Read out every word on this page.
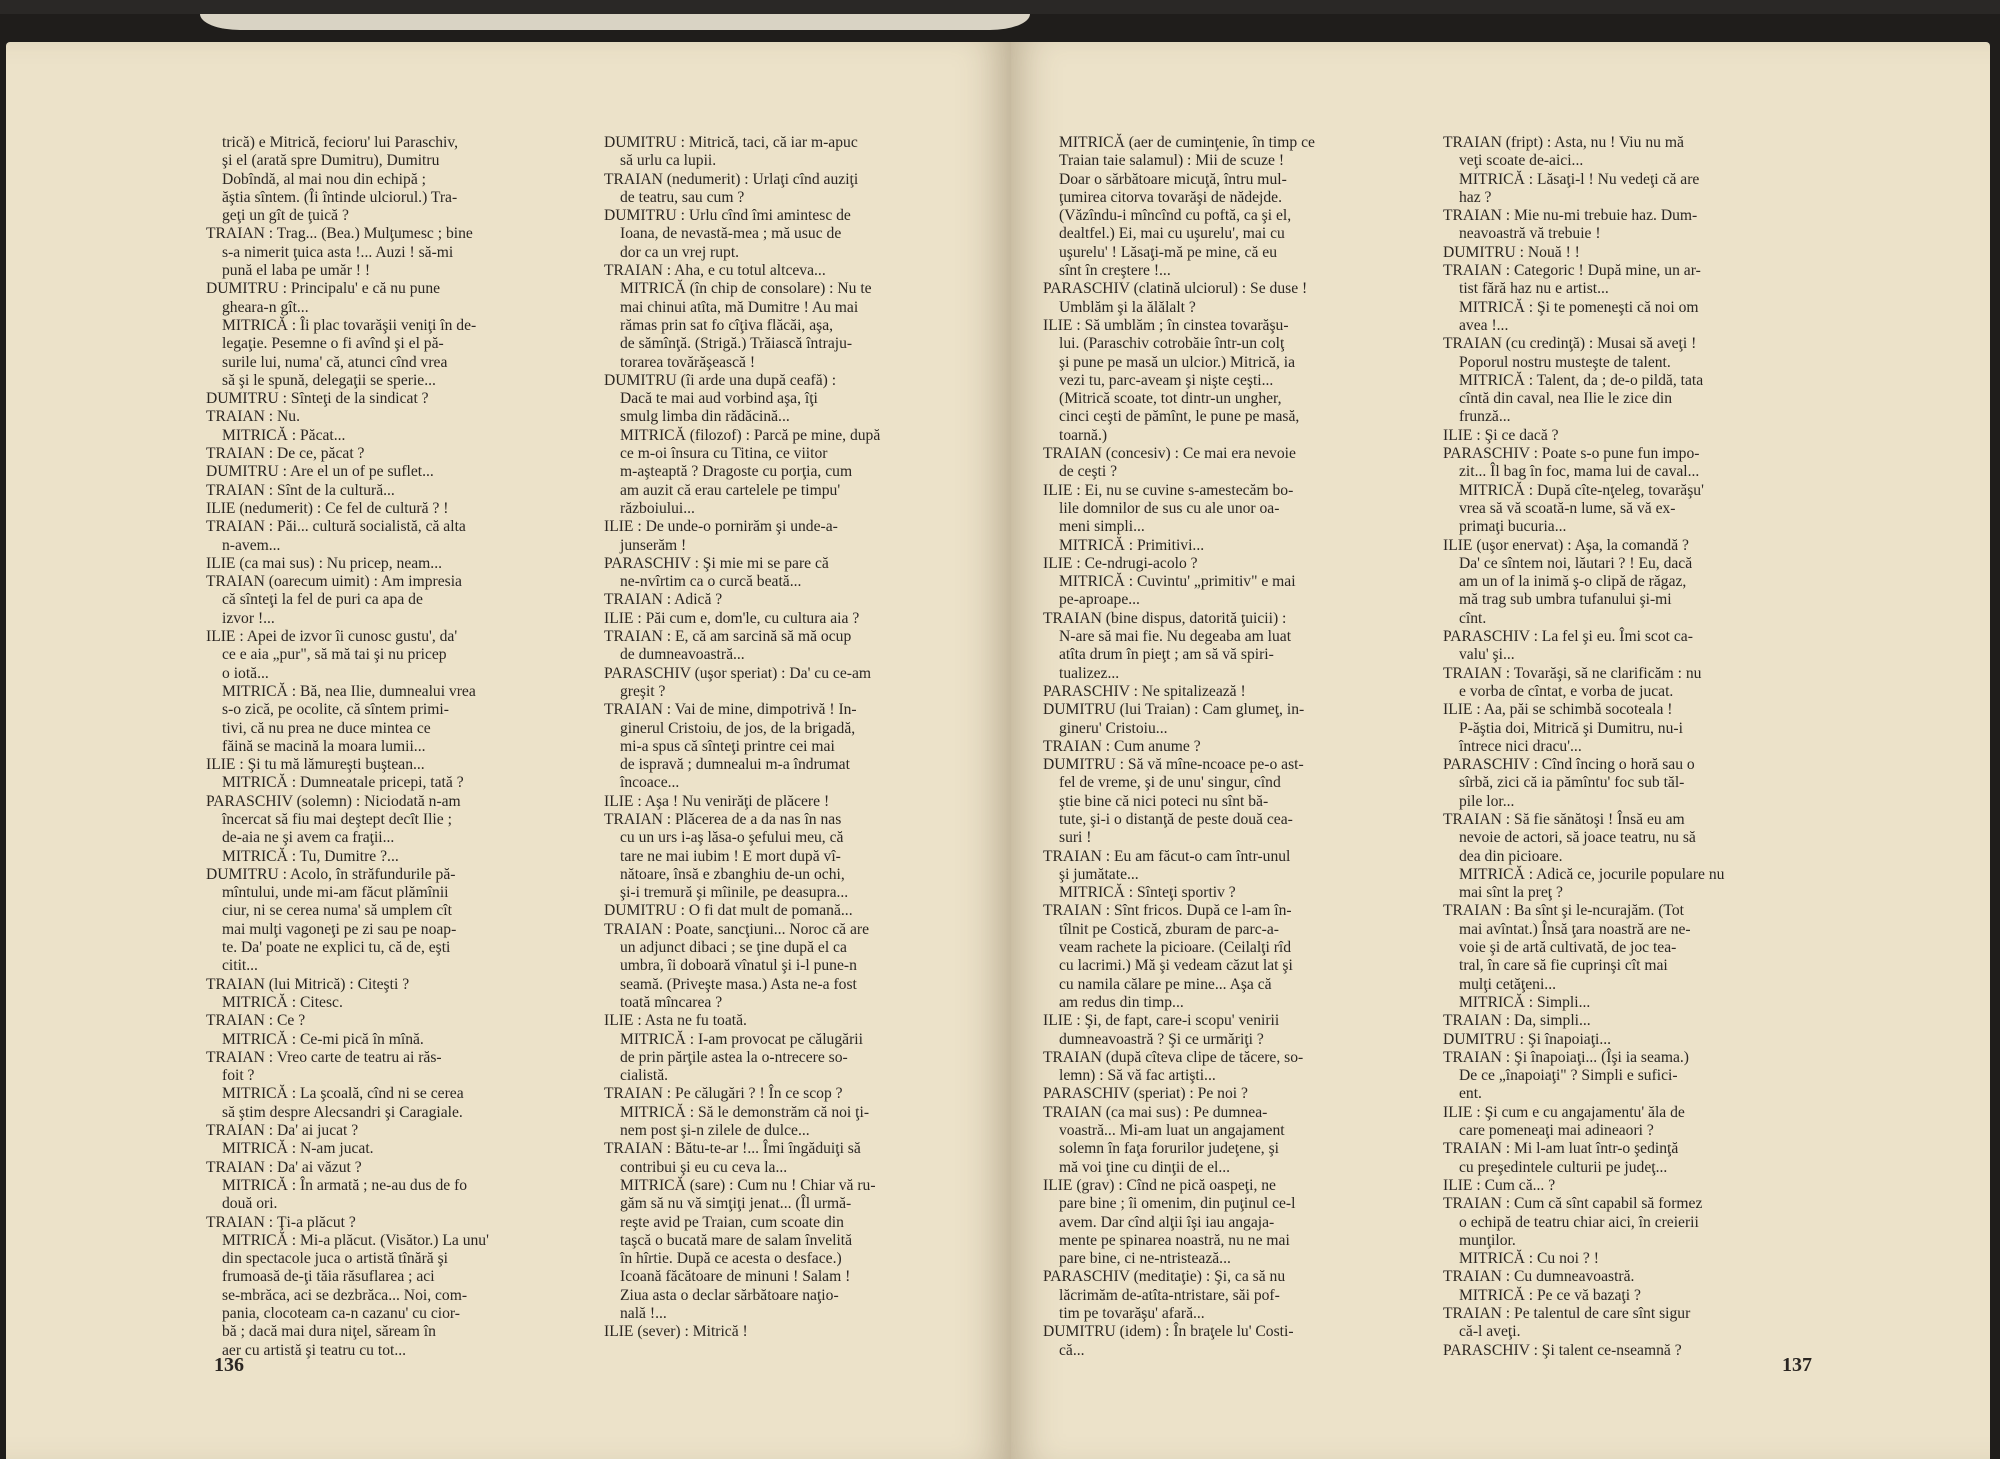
trică) e Mitrică, fecioru' lui Paraschiv,
şi el (arată spre Dumitru), Dumitru
Dobîndă, al mai nou din echipă ;
ăştia sîntem. (Îi întinde ulciorul.) Tra-
geţi un gît de ţuică ?
TRAIAN : Trag... (Bea.) Mulţumesc ; bine
s-a nimerit ţuica asta !... Auzi ! să-mi
pună el laba pe umăr ! !
DUMITRU : Principalu' e că nu pune
gheara-n gît...
MITRICĂ : Îi plac tovarăşii veniţi în de-
legaţie. Pesemne o fi avînd şi el pă-
surile lui, numa' că, atunci cînd vrea
să şi le spună, delegaţii se sperie...
DUMITRU : Sînteţi de la sindicat ?
TRAIAN : Nu.
MITRICĂ : Păcat...
TRAIAN : De ce, păcat ?
DUMITRU : Are el un of pe suflet...
TRAIAN : Sînt de la cultură...
ILIE (nedumerit) : Ce fel de cultură ? !
TRAIAN : Păi... cultură socialistă, că alta
n-avem...
ILIE (ca mai sus) : Nu pricep, neam...
TRAIAN (oarecum uimit) : Am impresia
că sînteţi la fel de puri ca apa de
izvor !...
ILIE : Apei de izvor îi cunosc gustu', da'
ce e aia „pur", să mă tai şi nu pricep
o iotă...
MITRICĂ : Bă, nea Ilie, dumnealui vrea
s-o zică, pe ocolite, că sîntem primi-
tivi, că nu prea ne duce mintea ce
făină se macină la moara lumii...
ILIE : Şi tu mă lămureşti buştean...
MITRICĂ : Dumneatale pricepi, tată ?
PARASCHIV (solemn) : Niciodată n-am
încercat să fiu mai deştept decît Ilie ;
de-aia ne şi avem ca fraţii...
MITRICĂ : Tu, Dumitre ?...
DUMITRU : Acolo, în străfundurile pă-
mîntului, unde mi-am făcut plămînii
ciur, ni se cerea numa' să umplem cît
mai mulţi vagoneţi pe zi sau pe noap-
te. Da' poate ne explici tu, că de, eşti
citit...
TRAIAN (lui Mitrică) : Citeşti ?
MITRICĂ : Citesc.
TRAIAN : Ce ?
MITRICĂ : Ce-mi pică în mînă.
TRAIAN : Vreo carte de teatru ai răs-
foit ?
MITRICĂ : La şcoală, cînd ni se cerea
să ştim despre Alecsandri şi Caragiale.
TRAIAN : Da' ai jucat ?
MITRICĂ : N-am jucat.
TRAIAN : Da' ai văzut ?
MITRICĂ : În armată ; ne-au dus de fo
două ori.
TRAIAN : Ţi-a plăcut ?
MITRICĂ : Mi-a plăcut. (Visător.) La unu'
din spectacole juca o artistă tînără şi
frumoasă de-ţi tăia răsuflarea ; aci
se-mbrăca, aci se dezbrăca... Noi, com-
pania, clocoteam ca-n cazanu' cu cior-
bă ; dacă mai dura niţel, săream în
aer cu artistă şi teatru cu tot...
DUMITRU : Mitrică, taci, că iar m-apuc
să urlu ca lupii.
TRAIAN (nedumerit) : Urlaţi cînd auziţi
de teatru, sau cum ?
DUMITRU : Urlu cînd îmi amintesc de
Ioana, de nevastă-mea ; mă usuc de
dor ca un vrej rupt.
TRAIAN : Aha, e cu totul altceva...
MITRICĂ (în chip de consolare) : Nu te
mai chinui atîta, mă Dumitre ! Au mai
rămas prin sat fo cîţiva flăcăi, aşa,
de sămînţă. (Strigă.) Trăiască întraju-
torarea tovărăşească !
DUMITRU (îi arde una după ceafă) :
Dacă te mai aud vorbind aşa, îţi
smulg limba din rădăcină...
MITRICĂ (filozof) : Parcă pe mine, după
ce m-oi însura cu Titina, ce viitor
m-aşteaptă ? Dragoste cu porţia, cum
am auzit că erau cartelele pe timpu'
războiului...
ILIE : De unde-o pornirăm şi unde-a-
junserăm !
PARASCHIV : Şi mie mi se pare că
ne-nvîrtim ca o curcă beată...
TRAIAN : Adică ?
ILIE : Păi cum e, dom'le, cu cultura aia ?
TRAIAN : E, că am sarcină să mă ocup
de dumneavoastră...
PARASCHIV (uşor speriat) : Da' cu ce-am
greşit ?
TRAIAN : Vai de mine, dimpotrivă ! In-
ginerul Cristoiu, de jos, de la brigadă,
mi-a spus că sînteţi printre cei mai
de ispravă ; dumnealui m-a îndrumat
încoace...
ILIE : Aşa ! Nu venirăţi de plăcere !
TRAIAN : Plăcerea de a da nas în nas
cu un urs i-aş lăsa-o şefului meu, că
tare ne mai iubim ! E mort după vî-
nătoare, însă e zbanghiu de-un ochi,
şi-i tremură şi mîinile, pe deasupra...
DUMITRU : O fi dat mult de pomană...
TRAIAN : Poate, sancţiuni... Noroc că are
un adjunct dibaci ; se ţine după el ca
umbra, îi doboară vînatul şi i-l pune-n
seamă. (Priveşte masa.) Asta ne-a fost
toată mîncarea ?
ILIE : Asta ne fu toată.
MITRICĂ : I-am provocat pe călugării
de prin părţile astea la o-ntrecere so-
cialistă.
TRAIAN : Pe călugări ? ! În ce scop ?
MITRICĂ : Să le demonstrăm că noi ţi-
nem post şi-n zilele de dulce...
TRAIAN : Bătu-te-ar !... Îmi îngăduiţi să
contribui şi eu cu ceva la...
MITRICĂ (sare) : Cum nu ! Chiar vă ru-
găm să nu vă simţiţi jenat... (Îl urmă-
reşte avid pe Traian, cum scoate din
taşcă o bucată mare de salam învelită
în hîrtie. După ce acesta o desface.)
Icoană făcătoare de minuni ! Salam !
Ziua asta o declar sărbătoare naţio-
nală !...
ILIE (sever) : Mitrică !
136
MITRICĂ (aer de cuminţenie, în timp ce
Traian taie salamul) : Mii de scuze !
Doar o sărbătoare micuţă, întru mul-
ţumirea citorva tovarăşi de nădejde.
(Văzîndu-i mîncînd cu poftă, ca şi el,
dealtfel.) Ei, mai cu uşurelu', mai cu
uşurelu' ! Lăsaţi-mă pe mine, că eu
sînt în creştere !...
PARASCHIV (clatină ulciorul) : Se duse !
Umblăm şi la ălălalt ?
ILIE : Să umblăm ; în cinstea tovarăşu-
lui. (Paraschiv cotrobăie într-un colţ
şi pune pe masă un ulcior.) Mitrică, ia
vezi tu, parc-aveam şi nişte ceşti...
(Mitrică scoate, tot dintr-un ungher,
cinci ceşti de pămînt, le pune pe masă,
toarnă.)
TRAIAN (concesiv) : Ce mai era nevoie
de ceşti ?
ILIE : Ei, nu se cuvine s-amestecăm bo-
lile domnilor de sus cu ale unor oa-
meni simpli...
MITRICĂ : Primitivi...
ILIE : Ce-ndrugi-acolo ?
MITRICĂ : Cuvintu' „primitiv" e mai
pe-aproape...
TRAIAN (bine dispus, datorită ţuicii) :
N-are să mai fie. Nu degeaba am luat
atîta drum în pieţt ; am să vă spiri-
tualizez...
PARASCHIV : Ne spitalizează !
DUMITRU (lui Traian) : Cam glumeţ, in-
gineru' Cristoiu...
TRAIAN : Cum anume ?
DUMITRU : Să vă mîne-ncoace pe-o ast-
fel de vreme, şi de unu' singur, cînd
ştie bine că nici poteci nu sînt bă-
tute, şi-i o distanţă de peste două cea-
suri !
TRAIAN : Eu am făcut-o cam într-unul
şi jumătate...
MITRICĂ : Sînteţi sportiv ?
TRAIAN : Sînt fricos. După ce l-am în-
tîlnit pe Costică, zburam de parc-a-
veam rachete la picioare. (Ceilalţi rîd
cu lacrimi.) Mă şi vedeam căzut lat şi
cu namila călare pe mine... Aşa că
am redus din timp...
ILIE : Şi, de fapt, care-i scopu' venirii
dumneavoastră ? Şi ce urmăriţi ?
TRAIAN (după cîteva clipe de tăcere, so-
lemn) : Să vă fac artişti...
PARASCHIV (speriat) : Pe noi ?
TRAIAN (ca mai sus) : Pe dumnea-
voastră... Mi-am luat un angajament
solemn în faţa forurilor judeţene, şi
mă voi ţine cu dinţii de el...
ILIE (grav) : Cînd ne pică oaspeţi, ne
pare bine ; îi omenim, din puţinul ce-l
avem. Dar cînd alţii îşi iau angaja-
mente pe spinarea noastră, nu ne mai
pare bine, ci ne-ntristează...
PARASCHIV (meditaţie) : Şi, ca să nu
lăcrimăm de-atîta-ntristare, săi pof-
tim pe tovarăşu' afară...
DUMITRU (idem) : În braţele lu' Costi-
că...
TRAIAN (fript) : Asta, nu ! Viu nu mă
veţi scoate de-aici...
MITRICĂ : Lăsaţi-l ! Nu vedeţi că are
haz ?
TRAIAN : Mie nu-mi trebuie haz. Dum-
neavoastră vă trebuie !
DUMITRU : Nouă ! !
TRAIAN : Categoric ! După mine, un ar-
tist fără haz nu e artist...
MITRICĂ : Şi te pomeneşti că noi om
avea !...
TRAIAN (cu credinţă) : Musai să aveţi !
Poporul nostru musteşte de talent.
MITRICĂ : Talent, da ; de-o pildă, tata
cîntă din caval, nea Ilie le zice din
frunză...
ILIE : Şi ce dacă ?
PARASCHIV : Poate s-o pune fun impo-
zit... Îl bag în foc, mama lui de caval...
MITRICĂ : După cîte-nţeleg, tovarăşu'
vrea să vă scoată-n lume, să vă ex-
primaţi bucuria...
ILIE (uşor enervat) : Aşa, la comandă ?
Da' ce sîntem noi, lăutari ? ! Eu, dacă
am un of la inimă ş-o clipă de răgaz,
mă trag sub umbra tufanului şi-mi
cînt.
PARASCHIV : La fel şi eu. Îmi scot ca-
valu' şi...
TRAIAN : Tovarăşi, să ne clarificăm : nu
e vorba de cîntat, e vorba de jucat.
ILIE : Aa, păi se schimbă socoteala !
P-ăştia doi, Mitrică şi Dumitru, nu-i
întrece nici dracu'...
PARASCHIV : Cînd încing o horă sau o
sîrbă, zici că ia pămîntu' foc sub tăl-
pile lor...
TRAIAN : Să fie sănătoşi ! Însă eu am
nevoie de actori, să joace teatru, nu să
dea din picioare.
MITRICĂ : Adică ce, jocurile populare nu
mai sînt la preţ ?
TRAIAN : Ba sînt şi le-ncurajăm. (Tot
mai avîntat.) Însă ţara noastră are ne-
voie şi de artă cultivată, de joc tea-
tral, în care să fie cuprinşi cît mai
mulţi cetăţeni...
MITRICĂ : Simpli...
TRAIAN : Da, simpli...
DUMITRU : Şi înapoiaţi...
TRAIAN : Şi înapoiaţi... (Îşi ia seama.)
De ce „înapoiaţi" ? Simpli e sufici-
ent.
ILIE : Şi cum e cu angajamentu' ăla de
care pomeneaţi mai adineaori ?
TRAIAN : Mi l-am luat într-o şedinţă
cu preşedintele culturii pe judeţ...
ILIE : Cum că... ?
TRAIAN : Cum că sînt capabil să formez
o echipă de teatru chiar aici, în creierii
munţilor.
MITRICĂ : Cu noi ? !
TRAIAN : Cu dumneavoastră.
MITRICĂ : Pe ce vă bazaţi ?
TRAIAN : Pe talentul de care sînt sigur
că-l aveţi.
PARASCHIV : Şi talent ce-nseamnă ?
137
